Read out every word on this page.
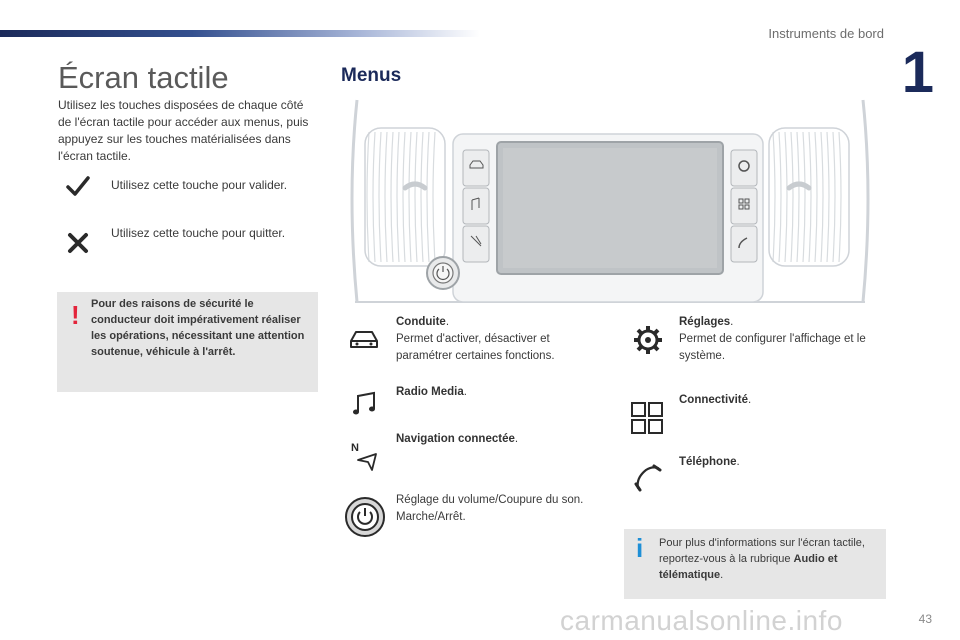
Instruments de bord
1
Écran tactile

Utilisez les touches disposées de chaque côté de l'écran tactile pour accéder aux menus, puis appuyez sur les touches matérialisées dans l'écran tactile.

Utilisez cette touche pour valider.
Utilisez cette touche pour quitter.
! Pour des raisons de sécurité le conducteur doit impérativement réaliser les opérations, nécessitant une attention soutenue, véhicule à l'arrêt.
Menus
Conduite.
Permet d'activer, désactiver et paramétrer certaines fonctions.
Radio Media.
N
Navigation connectée.
Réglage du volume/Coupure du son. Marche/Arrêt.
Réglages.
Permet de configurer l'affichage et le système.
Connectivité.
Téléphone.
i Pour plus d'informations sur l'écran tactile, reportez-vous à la rubrique Audio et télématique.
carmanualsonline.info	43
